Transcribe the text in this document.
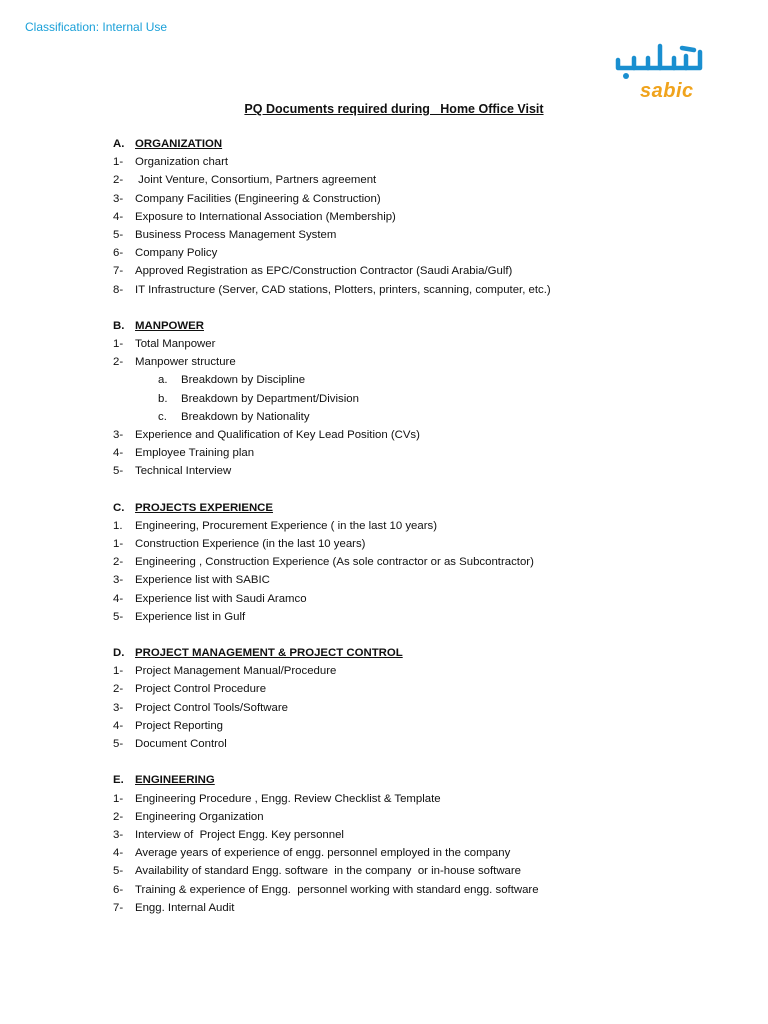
Classification: Internal Use
sabic
PQ Documents required during   Home Office Visit
A. ORGANIZATION
1-	Organization chart
2-	Joint Venture, Consortium, Partners agreement
3-	Company Facilities (Engineering & Construction)
4-	Exposure to International Association (Membership)
5-	Business Process Management System
6-	Company Policy
7-	Approved Registration as EPC/Construction Contractor (Saudi Arabia/Gulf)
8-	IT Infrastructure (Server, CAD stations, Plotters, printers, scanning, computer, etc.)
B. MANPOWER
1-	Total Manpower
2-	Manpower structure
a.	Breakdown by Discipline
b.	Breakdown by Department/Division
c.	Breakdown by Nationality
3-	Experience and Qualification of Key Lead Position (CVs)
4-	Employee Training plan
5-	Technical Interview
C. PROJECTS EXPERIENCE
1.	Engineering, Procurement Experience ( in the last 10 years)
1-	Construction Experience (in the last 10 years)
2-	Engineering , Construction Experience (As sole contractor or as Subcontractor)
3-	Experience list with SABIC
4-	Experience list with Saudi Aramco
5-	Experience list in Gulf
D. PROJECT MANAGEMENT & PROJECT CONTROL
1-	Project Management Manual/Procedure
2-	Project Control Procedure
3-	Project Control Tools/Software
4-	Project Reporting
5-	Document Control
E. ENGINEERING
1-	Engineering Procedure , Engg. Review Checklist & Template
2-	Engineering Organization
3-	Interview of  Project Engg. Key personnel
4-	Average years of experience of engg. personnel employed in the company
5-	Availability of standard Engg. software  in the company  or in-house software
6-	Training & experience of Engg.  personnel working with standard engg. software
7-	Engg. Internal Audit
